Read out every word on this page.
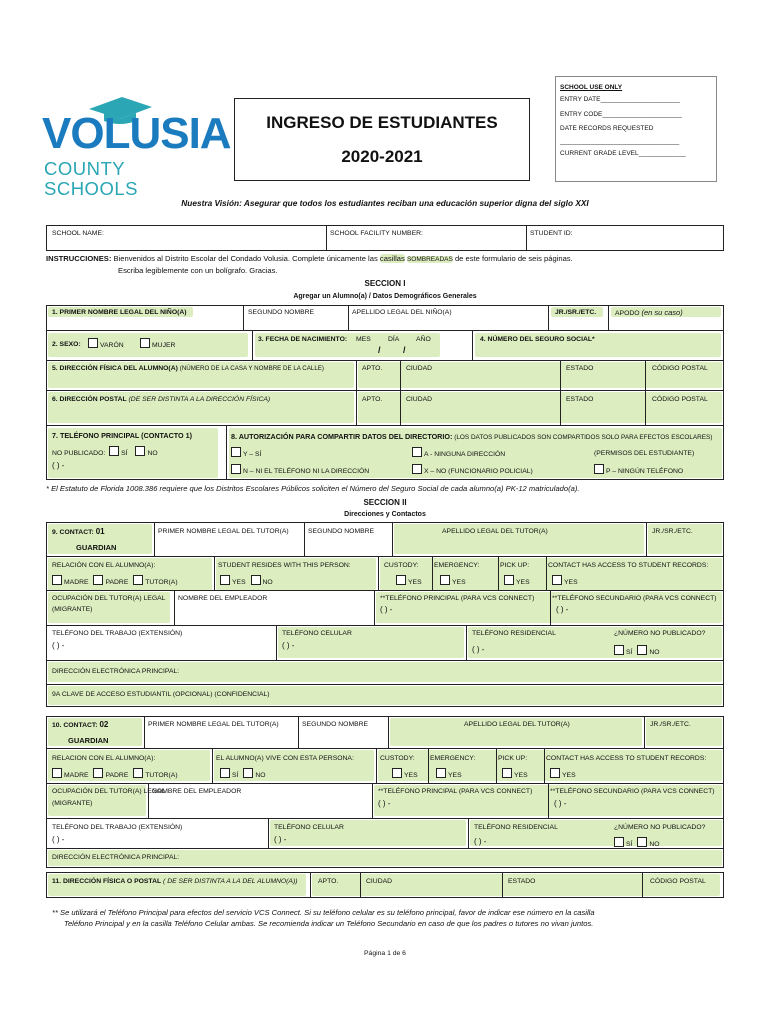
VOLUSIA
COUNTY SCHOOLS
INGRESO DE ESTUDIANTES
2020-2021
SCHOOL USE ONLY
ENTRY DATE______________________
ENTRY CODE______________________
DATE RECORDS REQUESTED
_________________________________
CURRENT GRADE LEVEL_____________
Nuestra Visión: Asegurar que todos los estudiantes reciban una educación superior digna del siglo XXI
SCHOOL NAME:	SCHOOL FACILITY NUMBER:	STUDENT ID:
INSTRUCCIONES: Bienvenidos al Distrito Escolar del Condado Volusia. Complete únicamente las casillas SOMBREADAS de este formulario de seis páginas.
Escriba legiblemente con un bolígrafo. Gracias.
SECCION I
Agregar un Alumno(a) / Datos Demográficos Generales
1. PRIMER NOMBRE LEGAL DEL NIÑO(A)	SEGUNDO NOMBRE	APELLIDO LEGAL DEL NIÑO(A)	JR./SR./ETC.	APODO (en su caso)
2. SEXO:	VARÓN	MUJER
3. FECHA DE NACIMIENTO: MES	DÍA AÑO
/         /
4. NÚMERO DEL SEGURO SOCIAL*
5. DIRECCIÓN FÍSICA DEL ALUMNO(A) (NÚMERO DE LA CASA Y NOMBRE DE LA CALLE)	APTO.	CIUDAD	ESTADO	CÓDIGO POSTAL
6. DIRECCIÓN POSTAL (DE SER DISTINTA A LA DIRECCIÓN FÍSICA)	APTO.	CIUDAD	ESTADO	CÓDIGO POSTAL
7. TELÉFONO PRINCIPAL (CONTACTO 1)
NO PUBLICADO: SÍ	NO
( ) -
8. AUTORIZACIÓN PARA COMPARTIR DATOS DEL DIRECTORIO: (LOS DATOS PUBLICADOS SON COMPARTIDOS SOLO PARA EFECTOS ESCOLARES)
Y – SÍ	A - NINGUNA DIRECCIÓN	(PERMISOS DEL ESTUDIANTE)
N – NI EL TELÉFONO NI LA DIRECCIÓN	X – NO (FUNCIONARIO POLICIAL)	P – NINGÚN TELÉFONO
* El Estatuto de Florida 1008.386 requiere que los Distritos Escolares Públicos soliciten el Número del Seguro Social de cada alumno(a) PK-12 matriculado(a).
SECCION II
Direcciones y Contactos
9. CONTACT: 01
GUARDIAN
PRIMER NOMBRE LEGAL DEL TUTOR(A)	SEGUNDO NOMBRE	APELLIDO LEGAL DEL TUTOR(A)	JR./SR./ETC.
RELACIÓN CON EL ALUMNO(A):
MADRE PADRE TUTOR(A)
STUDENT RESIDES WITH THIS PERSON:
YES NO
CUSTODY:
YES
EMERGENCY:
YES
PICK UP:
YES
CONTACT HAS ACCESS TO STUDENT RECORDS:
YES
OCUPACIÓN DEL TUTOR(A) LEGAL
(MIGRANTE)
NOMBRE DEL EMPLEADOR	**TELÉFONO PRINCIPAL (PARA VCS CONNECT)
( ) -
**TELÉFONO SECUNDARIO (PARA VCS CONNECT)
( ) -
TELÉFONO DEL TRABAJO (EXTENSIÓN)
( ) -
TELÉFONO CELULAR
( ) -
TELÉFONO RESIDENCIAL
( ) -
¿NÚMERO NO PUBLICADO?
SÍ NO
DIRECCIÓN ELECTRÓNICA PRINCIPAL:
9A CLAVE DE ACCESO ESTUDIANTIL (OPCIONAL) (CONFIDENCIAL)
10. CONTACT: 02
GUARDIAN
PRIMER NOMBRE LEGAL DEL TUTOR(A)	SEGUNDO NOMBRE	APELLIDO LEGAL DEL TUTOR(A)	JR./SR./ETC.
RELACION CON EL ALUMNO(A):
MADRE PADRE TUTOR(A)
EL ALUMNO(A) VIVE CON ESTA PERSONA:
SÍ NO
CUSTODY:
YES
EMERGENCY:
YES
PICK UP:
YES
CONTACT HAS ACCESS TO STUDENT RECORDS:
YES
OCUPACIÓN DEL TUTOR(A) LEGAL
(MIGRANTE)
NOMBRE DEL EMPLEADOR	**TELÉFONO PRINCIPAL (PARA VCS CONNECT)
( ) -
**TELÉFONO SECUNDARIO (PARA VCS CONNECT)
( ) -
TELÉFONO DEL TRABAJO (EXTENSIÓN)
( ) -
TELÉFONO CELULAR
( ) -
TELÉFONO RESIDENCIAL
( ) -
¿NÚMERO NO PUBLICADO?
SÍ NO
DIRECCIÓN ELECTRÓNICA PRINCIPAL:
11. DIRECCIÓN FÍSICA O POSTAL ( DE SER DISTINTA A LA DEL ALUMNO(A))	APTO.	CIUDAD	ESTADO	CÓDIGO POSTAL
** Se utilizará el Teléfono Principal para efectos del servicio VCS Connect. Si su teléfono celular es su teléfono principal, favor de indicar ese número en la casilla
Teléfono Principal y en la casilla Teléfono Celular ambas. Se recomienda indicar un Teléfono Secundario en caso de que los padres o tutores no vivan juntos.
Página 1 de 6
